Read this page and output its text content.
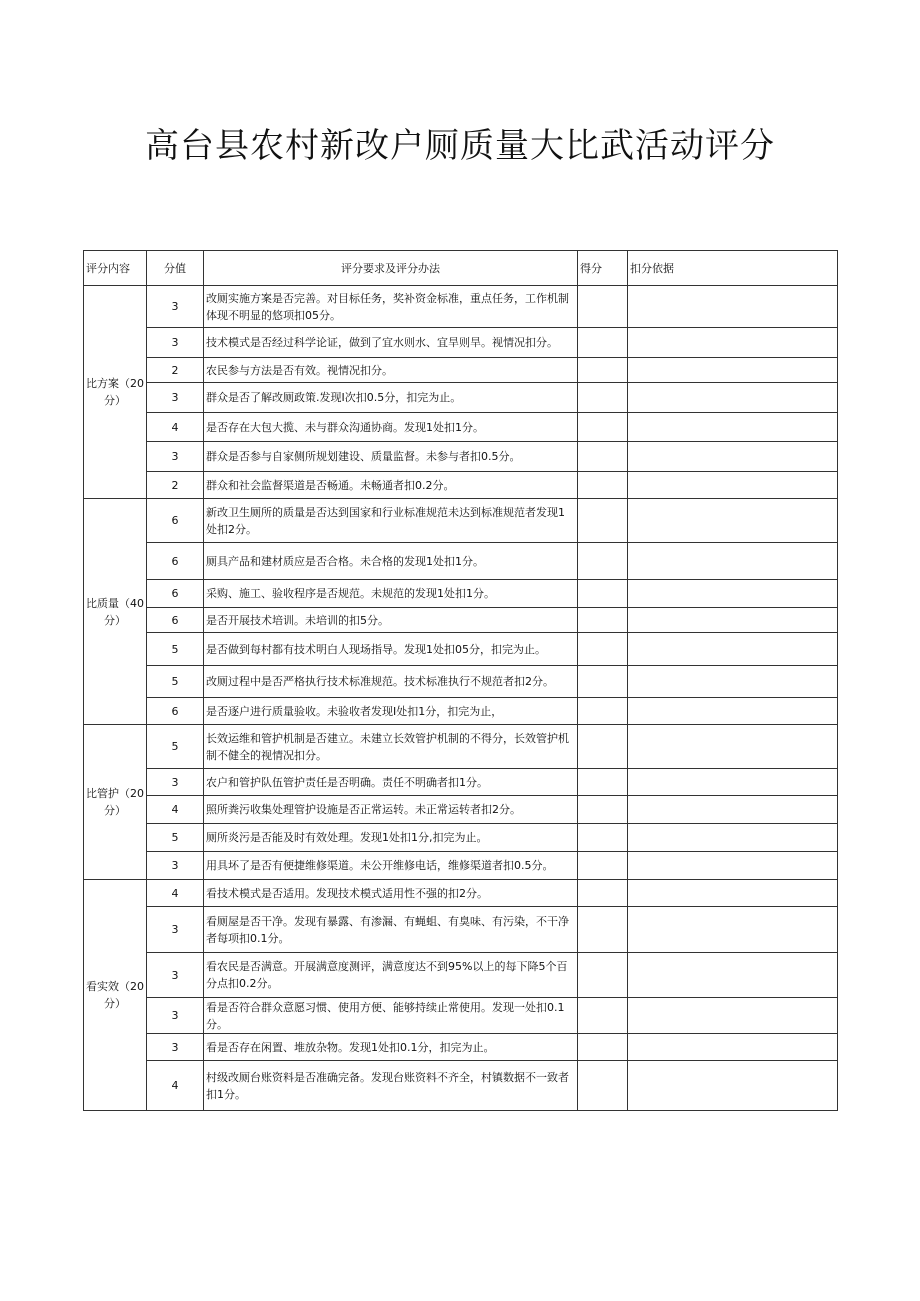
高台县农村新改户厕质量大比武活动评分
评分内容	分值	评分要求及评分办法	得分	扣分依据
比方案（20分）	3	改厕实施方案是否完善。对目标任务，奖补资金标准，重点任务，工作机制体现不明显的悠项扣05分。		
	3	技术模式是否经过科学论证，做到了宜水则水、宜旱则旱。视情况扣分。		
	2	农民参与方法是否有效。视情况扣分。		
	3	群众是否了解改厕政策.发现I次扣0.5分，扣完为止。		
	4	是否存在大包大揽、未与群众沟通协商。发现1处扣1分。		
	3	群众是否参与自家侧所规划建设、质量监督。未参与者扣0.5分。		
	2	群众和社会监督渠道是否畅通。未畅通者扣0.2分。		
比质量（40分）	6	新改卫生厕所的质量是否达到国家和行业标准规范未达到标准规范者发现1处扣2分。		
	6	厕具产品和建材质应是否合格。未合格的发现1处扣1分。		
	6	采购、施工、验收程序是否规范。未规范的发现1处扣1分。		
	6	是否开展技术培训。未培训的扣5分。		
	5	是否做到每村都有技术明白人现场指导。发现1处扣05分，扣完为止。		
	5	改厕过程中是否严格执行技术标准规范。技术标准执行不规范者扣2分。		
	6	是否逐户进行质量验收。未验收者发现I处扣1分，扣完为止，		
比管护（20分）	5	长效运维和管护机制是否建立。未建立长效管护机制的不得分，长效管护机制不健全的视情况扣分。		
	3	农户和管护队伍管护责任是否明确。责任不明确者扣1分。		
	4	照所粪污收集处理管护设施是否正常运转。未正常运转者扣2分。		
	5	厕所炎污是否能及时有效处理。发现1处扣1分,扣完为止。		
	3	用具坏了是否有便捷维修渠道。未公开维修电话，维修渠道者扣0.5分。		
看实效（20分）	4	看技术模式是否适用。发现技术模式适用性不强的扣2分。		
	3	看厕屋是否干净。发现有暴露、有渗漏、有蝇蛆、有臭味、有污染，不干净者每项扣0.1分。		
	3	看农民是否满意。开展满意度测评，满意度达不到95%以上的每下降5个百分点扣0.2分。		
	3	看是否符合群众意愿习惯、使用方便、能够持续止常使用。发现一处扣0.1分。		
	3	看是否存在闲置、堆放杂物。发现1处扣0.1分，扣完为止。		
	4	村级改厕台账资料是否准确完备。发现台账资料不齐全，村镇数据不一致者扣1分。		
